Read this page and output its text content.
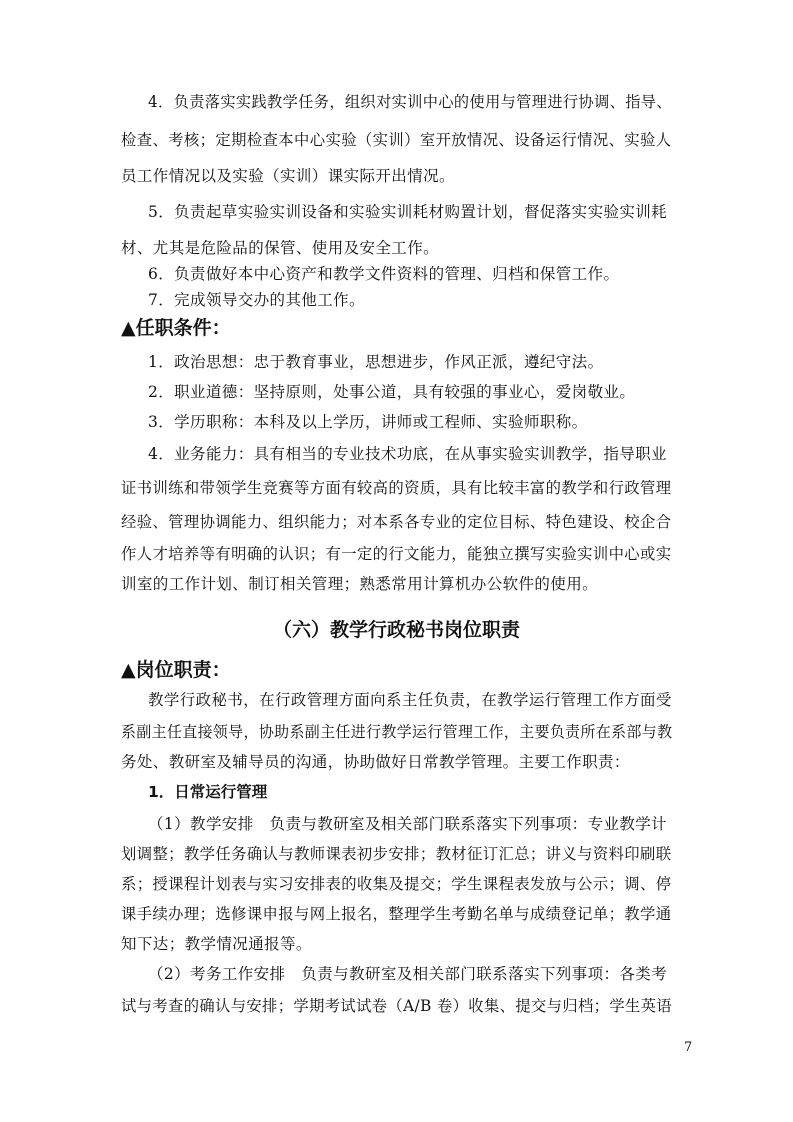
4．负责落实实践教学任务，组织对实训中心的使用与管理进行协调、指导、
检查、考核；定期检查本中心实验（实训）室开放情况、设备运行情况、实验人
员工作情况以及实验（实训）课实际开出情况。
5．负责起草实验实训设备和实验实训耗材购置计划，督促落实实验实训耗
材、尤其是危险品的保管、使用及安全工作。
6．负责做好本中心资产和教学文件资料的管理、归档和保管工作。
7．完成领导交办的其他工作。
▲任职条件：
1．政治思想：忠于教育事业，思想进步，作风正派，遵纪守法。
2．职业道德：坚持原则，处事公道，具有较强的事业心，爱岗敬业。
3．学历职称：本科及以上学历，讲师或工程师、实验师职称。
4．业务能力：具有相当的专业技术功底，在从事实验实训教学，指导职业
证书训练和带领学生竞赛等方面有较高的资质，具有比较丰富的教学和行政管理
经验、管理协调能力、组织能力；对本系各专业的定位目标、特色建设、校企合
作人才培养等有明确的认识；有一定的行文能力，能独立撰写实验实训中心或实
训室的工作计划、制订相关管理；熟悉常用计算机办公软件的使用。
（六）教学行政秘书岗位职责
▲岗位职责：
教学行政秘书，在行政管理方面向系主任负责，在教学运行管理工作方面受
系副主任直接领导，协助系副主任进行教学运行管理工作，主要负责所在系部与教
务处、教研室及辅导员的沟通，协助做好日常教学管理。主要工作职责：
1．日常运行管理
（1）教学安排　负责与教研室及相关部门联系落实下列事项：专业教学计
划调整；教学任务确认与教师课表初步安排；教材征订汇总；讲义与资料印刷联
系；授课程计划表与实习安排表的收集及提交；学生课程表发放与公示；调、停
课手续办理；选修课申报与网上报名，整理学生考勤名单与成绩登记单；教学通
知下达；教学情况通报等。
（2）考务工作安排　负责与教研室及相关部门联系落实下列事项：各类考
试与考查的确认与安排；学期考试试卷（A/B 卷）收集、提交与归档；学生英语
7
